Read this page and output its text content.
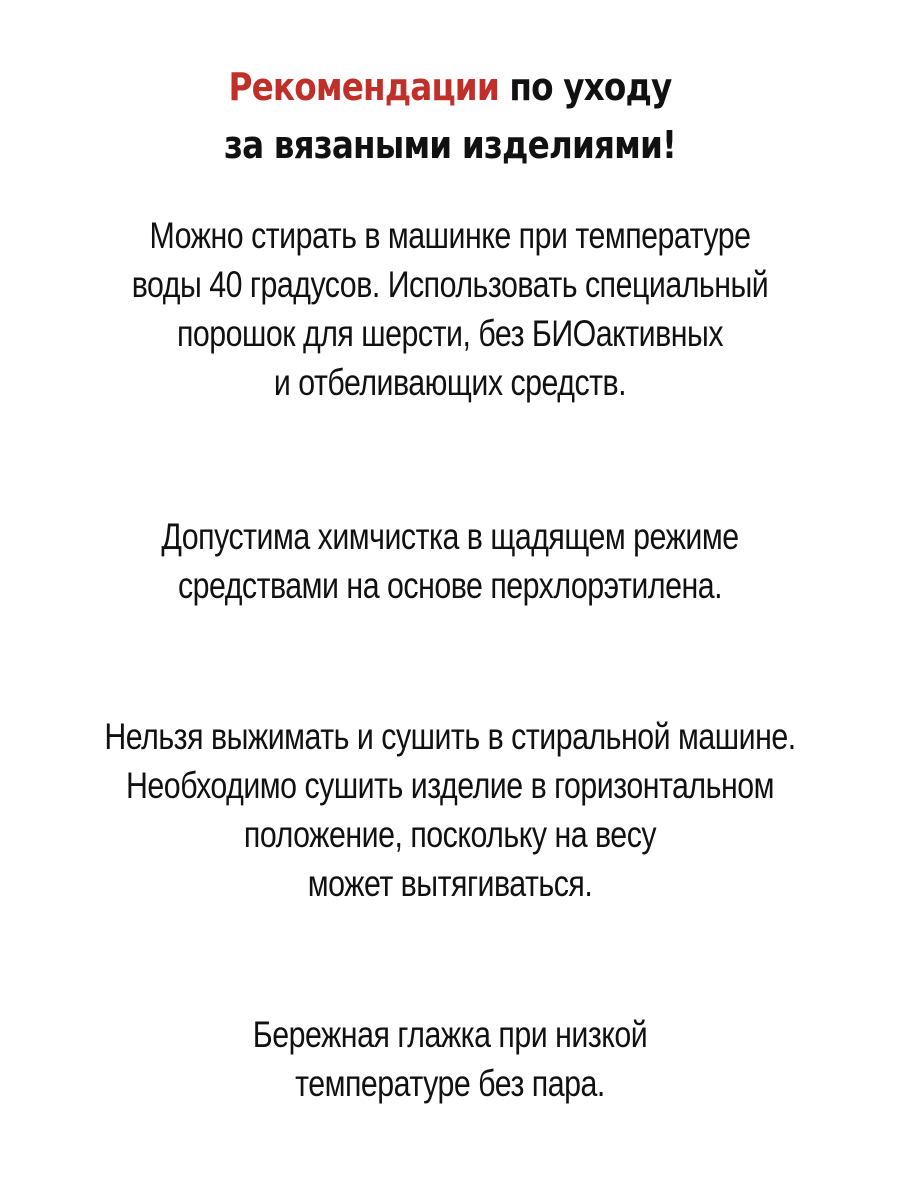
Рекомендации по уходу
за вязаными изделиями!
Можно стирать в машинке при температуре
воды 40 градусов. Использовать специальный
порошок для шерсти, без БИОактивных
и отбеливающих средств.
Допустима химчистка в щадящем режиме
средствами на основе перхлорэтилена.
Нельзя выжимать и сушить в стиральной машине.
Необходимо сушить изделие в горизонтальном
положение, поскольку на весу
может вытягиваться.
Бережная глажка при низкой
температуре без пара.
